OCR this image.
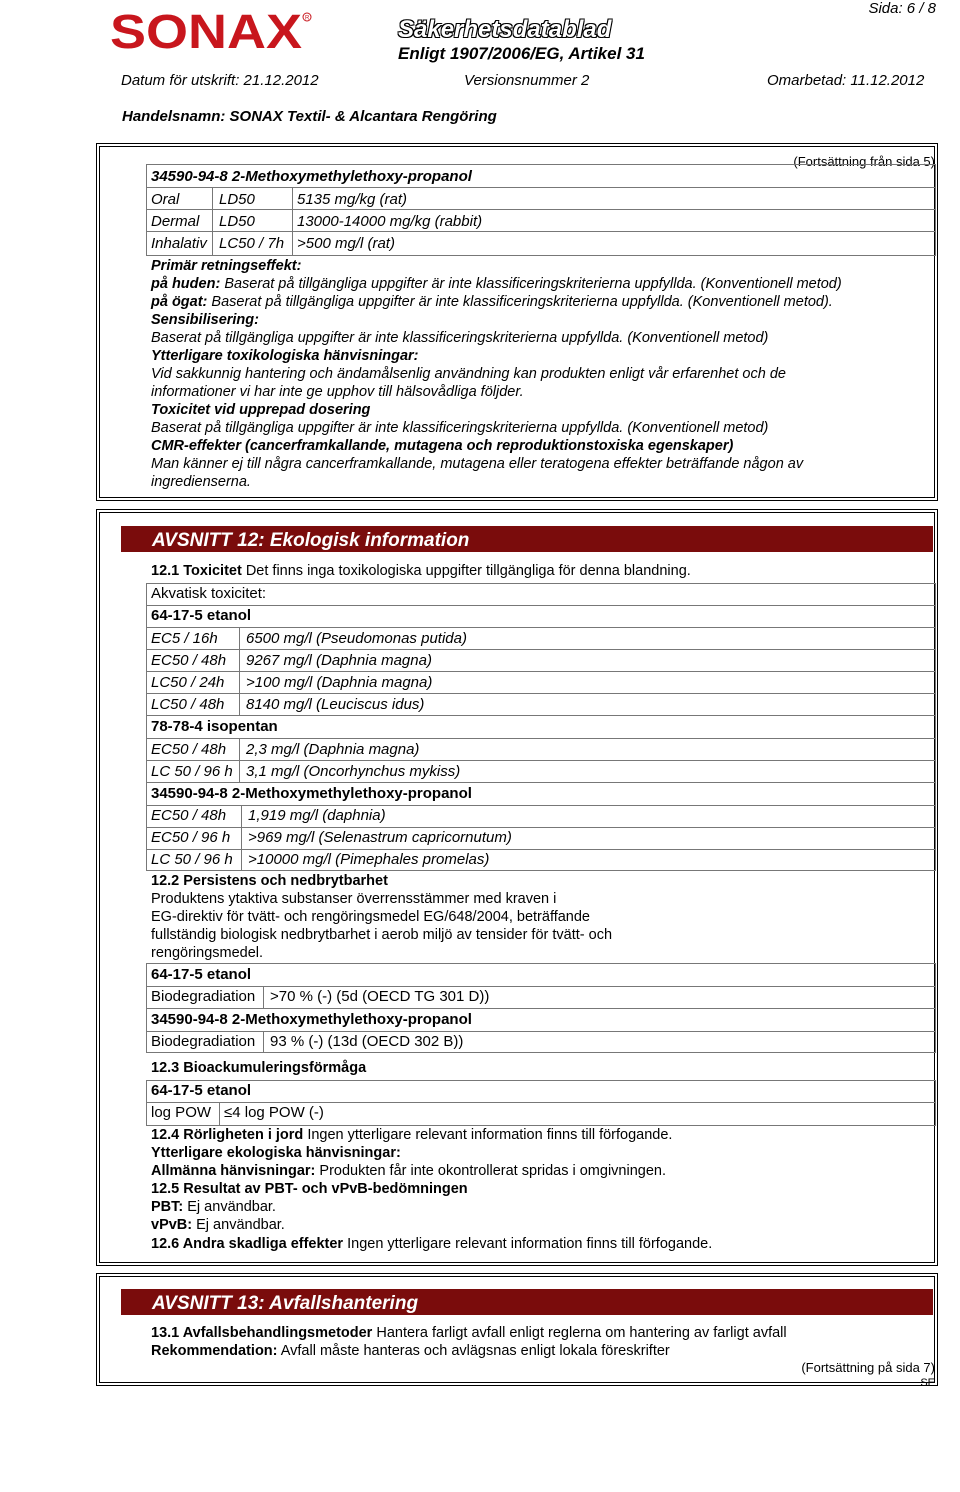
SONAX R	Säkerhetsdatablad
Enligt 1907/2006/EG, Artikel 31
Sida: 6 / 8
Datum för utskrift: 21.12.2012	Versionsnummer 2	Omarbetad: 11.12.2012
Handelsnamn: SONAX Textil- & Alcantara Rengöring
(Fortsättning från sida 5)
34590-94-8 2-Methoxymethylethoxy-propanol
Oral	LD50	5135 mg/kg (rat)
Dermal LD50	13000-14000 mg/kg (rabbit)
Inhalativ LC50 / 7h >500 mg/l (rat)
Primär retningseffekt:
på huden: Baserat på tillgängliga uppgifter är inte klassificeringskriterierna uppfyllda. (Konventionell metod)
på ögat: Baserat på tillgängliga uppgifter är inte klassificeringskriterierna uppfyllda. (Konventionell metod).
Sensibilisering:
Baserat på tillgängliga uppgifter är inte klassificeringskriterierna uppfyllda. (Konventionell metod)
Ytterligare toxikologiska hänvisningar:
Vid sakkunnig hantering och ändamålsenlig användning kan produkten enligt vår erfarenhet och de
informationer vi har inte ge upphov till hälsovådliga följder.
Toxicitet vid upprepad dosering
Baserat på tillgängliga uppgifter är inte klassificeringskriterierna uppfyllda. (Konventionell metod)
CMR-effekter (cancerframkallande, mutagena och reproduktionstoxiska egenskaper)
Man känner ej till några cancerframkallande, mutagena eller teratogena effekter beträffande någon av
ingredienserna.
AVSNITT 12: Ekologisk information
12.1 Toxicitet Det finns inga toxikologiska uppgifter tillgängliga för denna blandning.
Akvatisk toxicitet:
64-17-5 etanol
EC5 / 16h 6500 mg/l (Pseudomonas putida)
EC50 / 48h 9267 mg/l (Daphnia magna)
LC50 / 24h >100 mg/l (Daphnia magna)
LC50 / 48h 8140 mg/l (Leuciscus idus)
78-78-4 isopentan
EC50 / 48h 2,3 mg/l (Daphnia magna)
LC 50 / 96 h 3,1 mg/l (Oncorhynchus mykiss)
34590-94-8 2-Methoxymethylethoxy-propanol
EC50 / 48h 1,919 mg/l (daphnia)
EC50 / 96 h >969 mg/l (Selenastrum capricornutum)
LC 50 / 96 h >10000 mg/l (Pimephales promelas)
12.2 Persistens och nedbrytbarhet
Produktens ytaktiva substanser överrensstämmer med kraven i
EG-direktiv för tvätt- och rengöringsmedel EG/648/2004, beträffande
fullständig biologisk nedbrytbarhet i aerob miljö av tensider för tvätt- och
rengöringsmedel.
64-17-5 etanol
Biodegradiation >70 % (-) (5d (OECD TG 301 D))
34590-94-8 2-Methoxymethylethoxy-propanol
Biodegradiation 93 % (-) (13d (OECD 302 B))
12.3 Bioackumuleringsförmåga
64-17-5 etanol
log POW ≤4 log POW (-)
12.4 Rörligheten i jord Ingen ytterligare relevant information finns till förfogande.
Ytterligare ekologiska hänvisningar:
Allmänna hänvisningar: Produkten får inte okontrollerat spridas i omgivningen.
12.5 Resultat av PBT- och vPvB-bedömningen
PBT: Ej användbar.
vPvB: Ej användbar.
12.6 Andra skadliga effekter Ingen ytterligare relevant information finns till förfogande.
AVSNITT 13: Avfallshantering
13.1 Avfallsbehandlingsmetoder Hantera farligt avfall enligt reglerna om hantering av farligt avfall
Rekommendation: Avfall måste hanteras och avlägsnas enligt lokala föreskrifter
(Fortsättning på sida 7)
SE
